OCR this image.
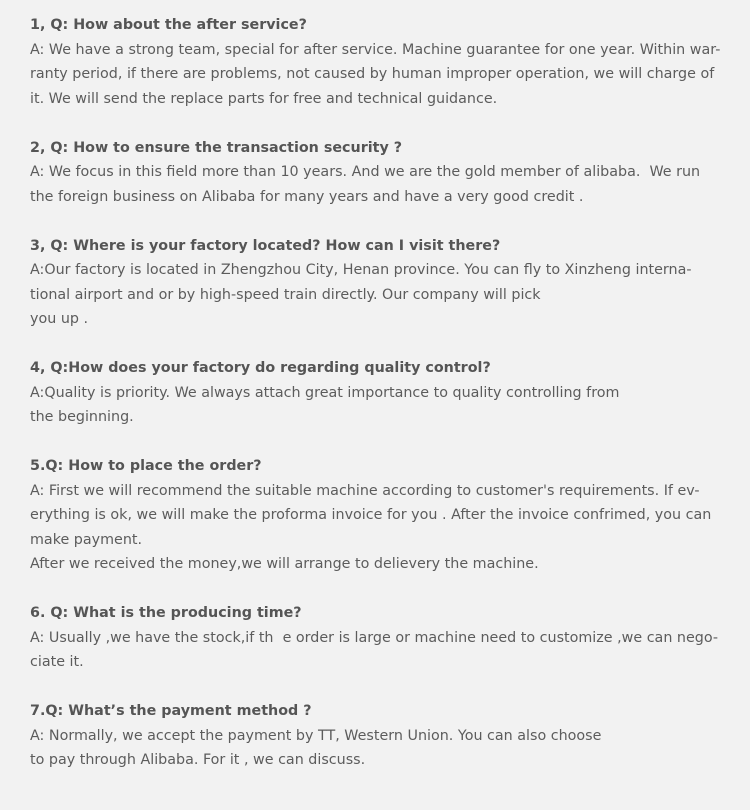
1, Q: How about the after service?
A: We have a strong team, special for after service. Machine guarantee for one year. Within war-
ranty period, if there are problems, not caused by human improper operation, we will charge of
it. We will send the replace parts for free and technical guidance.
2, Q: How to ensure the transaction security ?
A: We focus in this field more than 10 years. And we are the gold member of alibaba.  We run
the foreign business on Alibaba for many years and have a very good credit .
3, Q: Where is your factory located? How can I visit there?
A:Our factory is located in Zhengzhou City, Henan province. You can fly to Xinzheng interna-
tional airport and or by high-speed train directly. Our company will pick
you up .
4, Q:How does your factory do regarding quality control?
A:Quality is priority. We always attach great importance to quality controlling from
the beginning.
5.Q: How to place the order?
A: First we will recommend the suitable machine according to customer's requirements. If ev-
erything is ok, we will make the proforma invoice for you . After the invoice confrimed, you can
make payment.
After we received the money,we will arrange to delievery the machine.
6. Q: What is the producing time?
A: Usually ,we have the stock,if th  e order is large or machine need to customize ,we can nego-
ciate it.
7.Q: What’s the payment method ?
A: Normally, we accept the payment by TT, Western Union. You can also choose
to pay through Alibaba. For it , we can discuss.
